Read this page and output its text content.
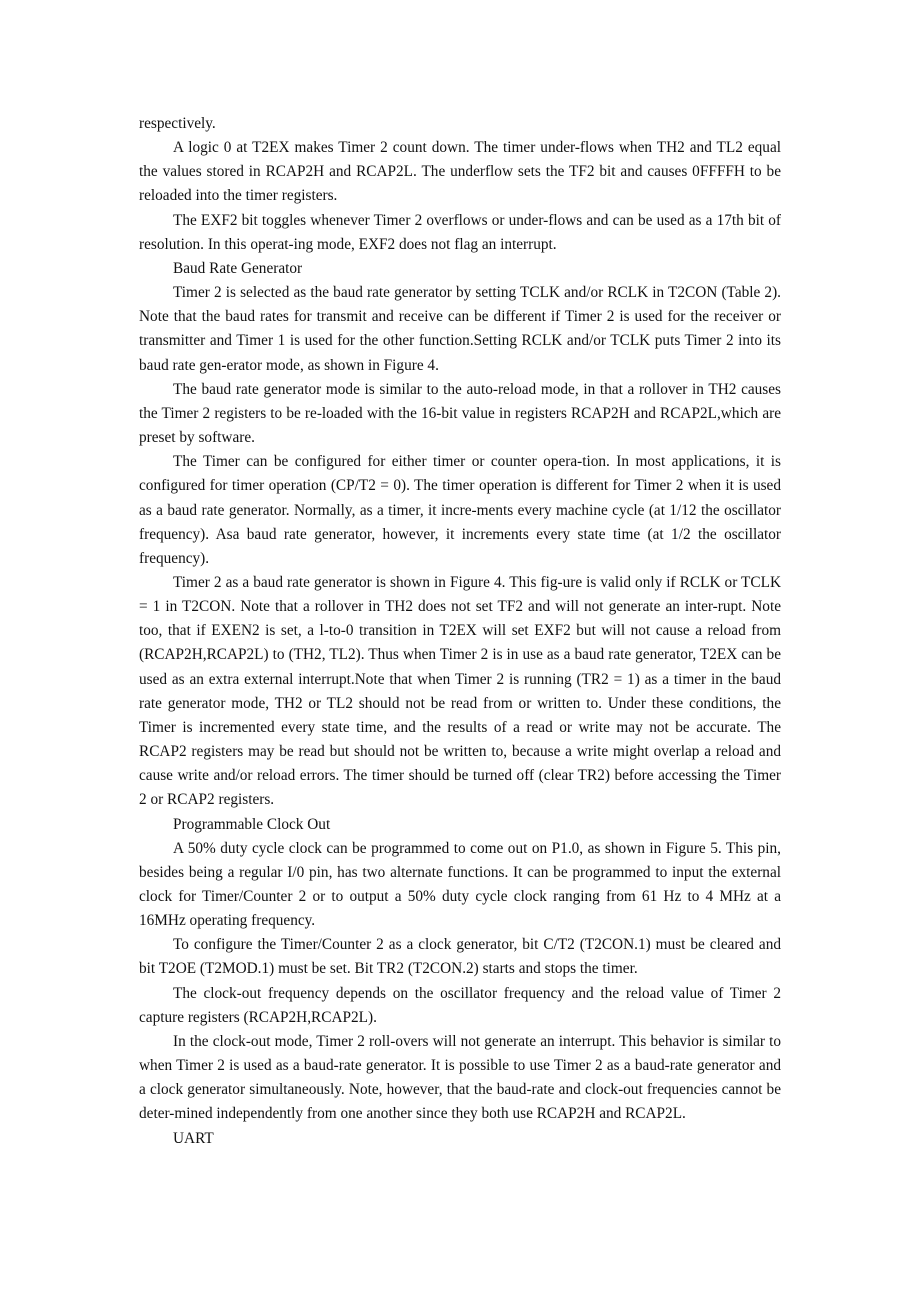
respectively.

A logic 0 at T2EX makes Timer 2 count down. The timer under-flows when TH2 and TL2 equal the values stored in RCAP2H and RCAP2L. The underflow sets the TF2 bit and causes 0FFFFH to be reloaded into the timer registers.

The EXF2 bit toggles whenever Timer 2 overflows or under-flows and can be used as a 17th bit of resolution. In this operat-ing mode, EXF2 does not flag an interrupt.

Baud Rate Generator

Timer 2 is selected as the baud rate generator by setting TCLK and/or RCLK in T2CON (Table 2). Note that the baud rates for transmit and receive can be different if Timer 2 is used for the receiver or transmitter and Timer 1 is used for the other function.Setting RCLK and/or TCLK puts Timer 2 into its baud rate gen-erator mode, as shown in Figure 4.

The baud rate generator mode is similar to the auto-reload mode, in that a rollover in TH2 causes the Timer 2 registers to be re-loaded with the 16-bit value in registers RCAP2H and RCAP2L,which are preset by software.

The Timer can be configured for either timer or counter opera-tion. In most applications, it is configured for timer operation (CP/T2 = 0). The timer operation is different for Timer 2 when it is used as a baud rate generator. Normally, as a timer, it incre-ments every machine cycle (at 1/12 the oscillator frequency). Asa baud rate generator, however, it increments every state time (at 1/2 the oscillator frequency).

Timer 2 as a baud rate generator is shown in Figure 4. This fig-ure is valid only if RCLK or TCLK = 1 in T2CON. Note that a rollover in TH2 does not set TF2 and will not generate an inter-rupt. Note too, that if EXEN2 is set, a l-to-0 transition in T2EX will set EXF2 but will not cause a reload from (RCAP2H,RCAP2L) to (TH2, TL2). Thus when Timer 2 is in use as a baud rate generator, T2EX can be used as an extra external interrupt.Note that when Timer 2 is running (TR2 = 1) as a timer in the baud rate generator mode, TH2 or TL2 should not be read from or written to. Under these conditions, the Timer is incremented every state time, and the results of a read or write may not be accurate. The RCAP2 registers may be read but should not be written to, because a write might overlap a reload and cause write and/or reload errors. The timer should be turned off (clear TR2) before accessing the Timer 2 or RCAP2 registers.

Programmable Clock Out

A 50% duty cycle clock can be programmed to come out on P1.0, as shown in Figure 5. This pin, besides being a regular I/0 pin, has two alternate functions. It can be programmed to input the external clock for Timer/Counter 2 or to output a 50% duty cycle clock ranging from 61 Hz to 4 MHz at a 16MHz operating frequency.

To configure the Timer/Counter 2 as a clock generator, bit C/T2 (T2CON.1) must be cleared and bit T2OE (T2MOD.1) must be set. Bit TR2 (T2CON.2) starts and stops the timer.

The clock-out frequency depends on the oscillator frequency and the reload value of Timer 2 capture registers (RCAP2H,RCAP2L).

In the clock-out mode, Timer 2 roll-overs will not generate an interrupt. This behavior is similar to when Timer 2 is used as a baud-rate generator. It is possible to use Timer 2 as a baud-rate generator and a clock generator simultaneously. Note, however, that the baud-rate and clock-out frequencies cannot be deter-mined independently from one another since they both use RCAP2H and RCAP2L.

UART
